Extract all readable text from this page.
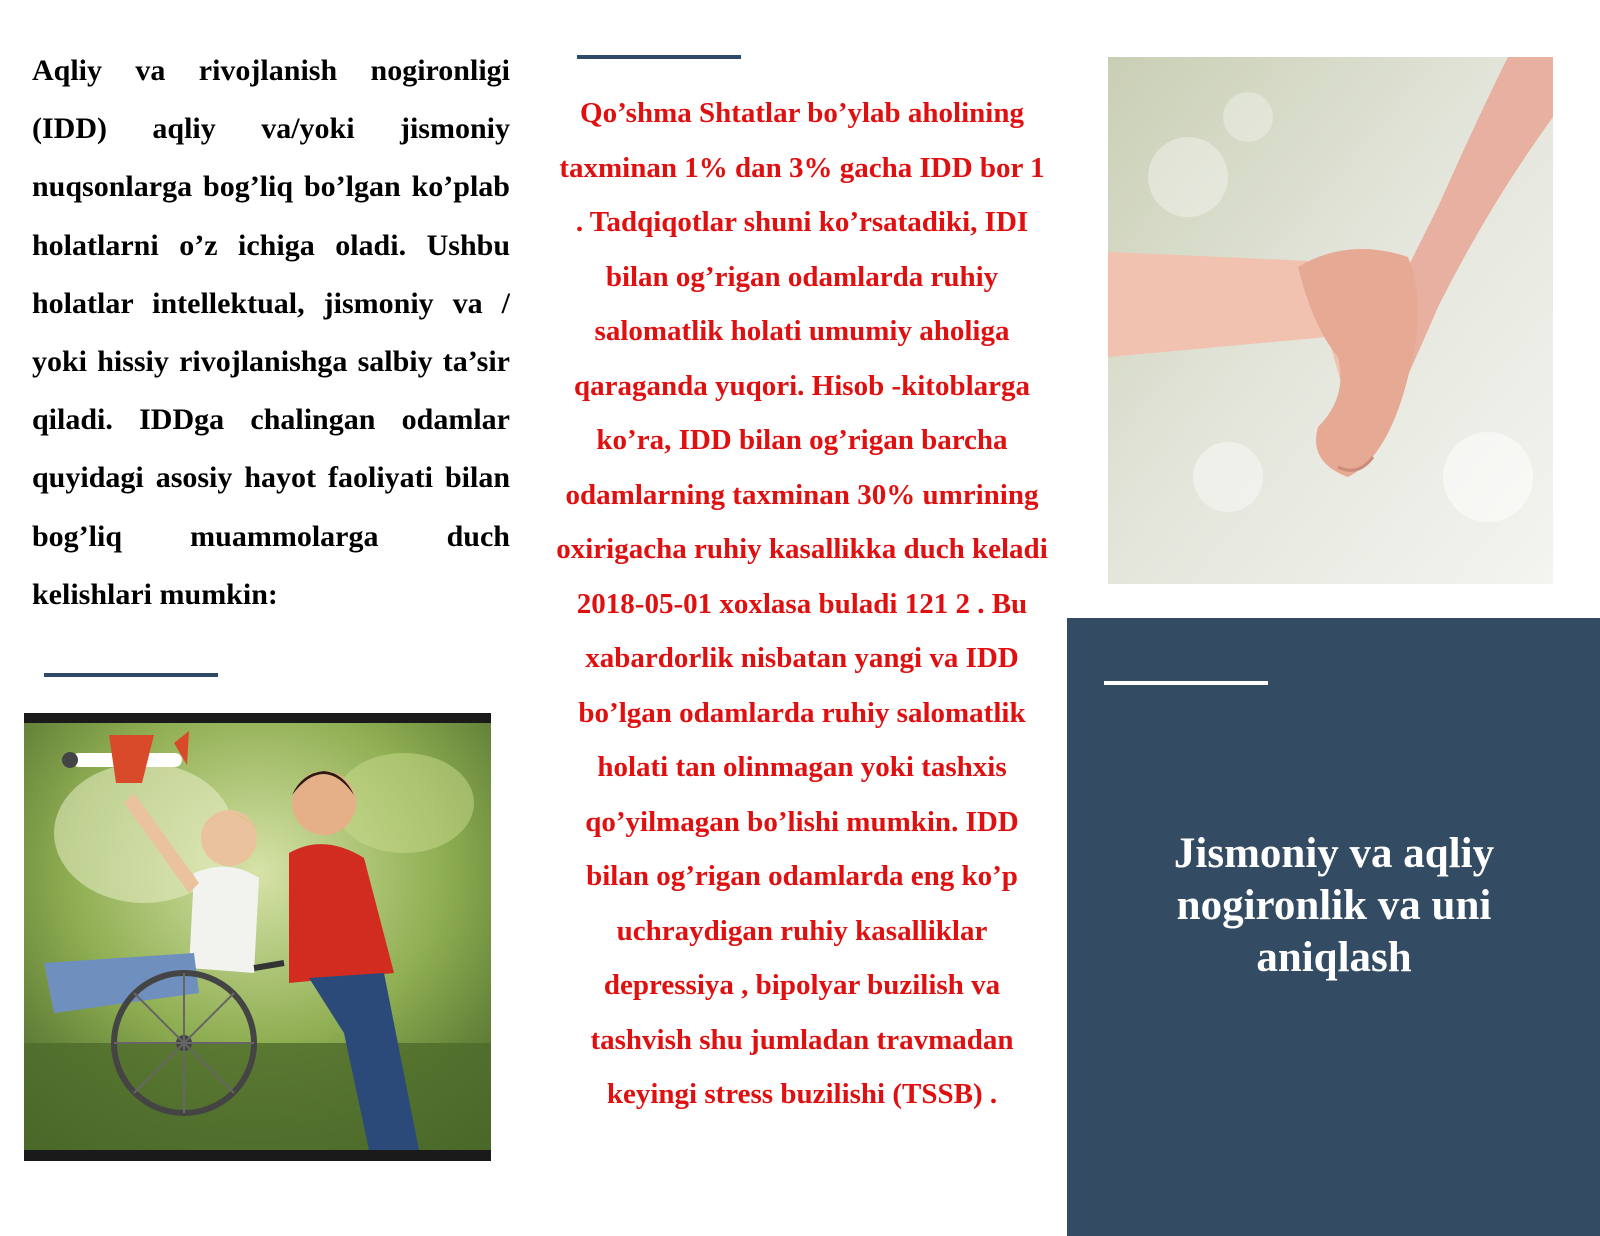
Aqliy va rivojlanish nogironligi (IDD) aqliy va/yoki jismoniy nuqsonlarga bog’liq bo’lgan ko’plab holatlarni o’z ichiga oladi. Ushbu holatlar intellektual, jismoniy va / yoki hissiy rivojlanishga salbiy ta’sir qiladi. IDDga chalingan odamlar quyidagi asosiy hayot faoliyati bilan bog’liq muammolarga duch kelishlari mumkin:
Qo’shma Shtatlar bo’ylab aholining taxminan 1% dan 3% gacha IDD bor 1 . Tadqiqotlar shuni ko’rsatadiki, IDI bilan og’rigan odamlarda ruhiy salomatlik holati umumiy aholiga qaraganda yuqori. Hisob -kitoblarga ko’ra, IDD bilan og’rigan barcha odamlarning taxminan 30% umrining oxirigacha ruhiy kasallikka duch keladi 2018-05-01 xoxlasa buladi 121 2 . Bu xabardorlik nisbatan yangi va IDD bo’lgan odamlarda ruhiy salomatlik holati tan olinmagan yoki tashxis qo’yilmagan bo’lishi mumkin. IDD bilan og’rigan odamlarda eng ko’p uchraydigan ruhiy kasalliklar depressiya , bipolyar buzilish va tashvish shu jumladan travmadan keyingi stress buzilishi (TSSB) .
Jismoniy va aqliy nogironlik va uni aniqlash
